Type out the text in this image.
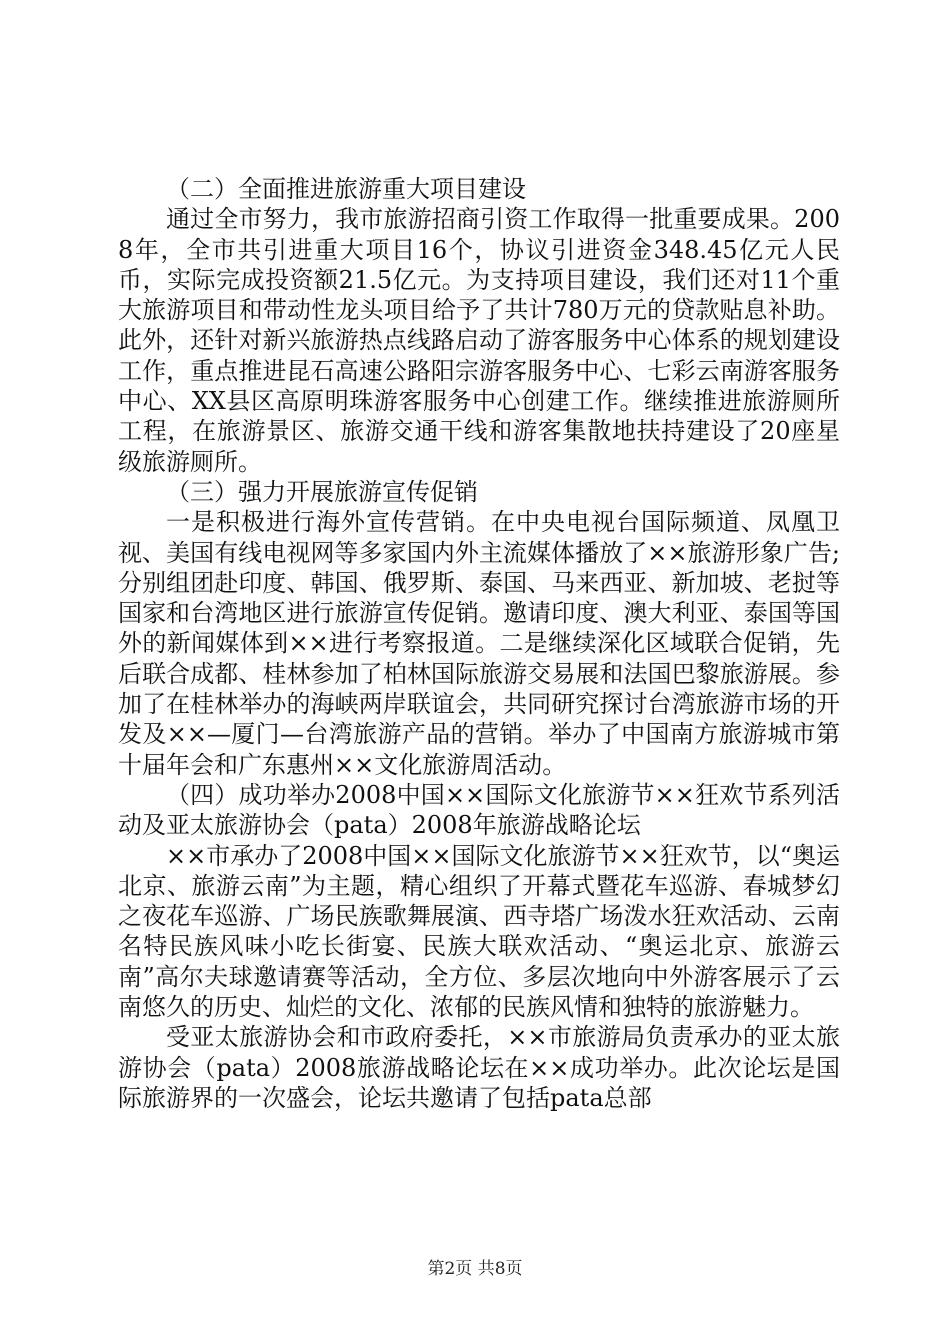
（二）全面推进旅游重大项目建设

通过全市努力，我市旅游招商引资工作取得一批重要成果。2008年，全市共引进重大项目16个，协议引进资金348.45亿元人民币，实际完成投资额21.5亿元。为支持项目建设，我们还对11个重大旅游项目和带动性龙头项目给予了共计780万元的贷款贴息补助。此外，还针对新兴旅游热点线路启动了游客服务中心体系的规划建设工作，重点推进昆石高速公路阳宗游客服务中心、七彩云南游客服务中心、XX县区高原明珠游客服务中心创建工作。继续推进旅游厕所工程，在旅游景区、旅游交通干线和游客集散地扶持建设了20座星级旅游厕所。

（三）强力开展旅游宣传促销

一是积极进行海外宣传营销。在中央电视台国际频道、凤凰卫视、美国有线电视网等多家国内外主流媒体播放了××旅游形象广告;分别组团赴印度、韩国、俄罗斯、泰国、马来西亚、新加坡、老挝等国家和台湾地区进行旅游宣传促销。邀请印度、澳大利亚、泰国等国外的新闻媒体到××进行考察报道。二是继续深化区域联合促销，先后联合成都、桂林参加了柏林国际旅游交易展和法国巴黎旅游展。参加了在桂林举办的海峡两岸联谊会，共同研究探讨台湾旅游市场的开发及××—厦门—台湾旅游产品的营销。举办了中国南方旅游城市第十届年会和广东惠州××文化旅游周活动。

（四）成功举办2008中国××国际文化旅游节××狂欢节系列活动及亚太旅游协会（pata）2008年旅游战略论坛

××市承办了2008中国××国际文化旅游节××狂欢节，以“奥运北京、旅游云南”为主题，精心组织了开幕式暨花车巡游、春城梦幻之夜花车巡游、广场民族歌舞展演、西寺塔广场泼水狂欢活动、云南名特民族风味小吃长街宴、民族大联欢活动、“奥运北京、旅游云南”高尔夫球邀请赛等活动，全方位、多层次地向中外游客展示了云南悠久的历史、灿烂的文化、浓郁的民族风情和独特的旅游魅力。

受亚太旅游协会和市政府委托，××市旅游局负责承办的亚太旅游协会（pata）2008旅游战略论坛在××成功举办。此次论坛是国际旅游界的一次盛会，论坛共邀请了包括pata总部

第2页 共8页
